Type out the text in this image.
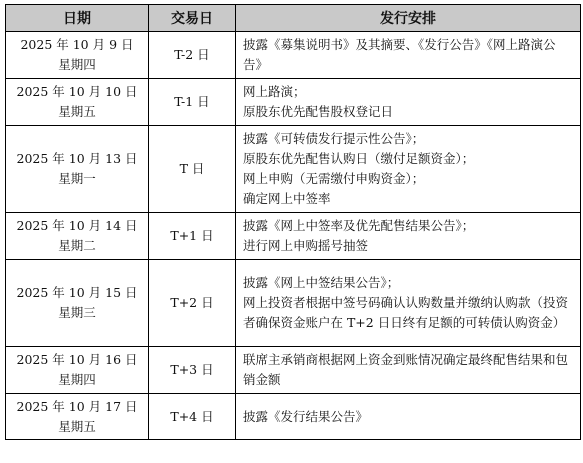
日期	交易日	发行安排

2025 年 10 月 9 日
星期四	T-2 日	披露《募集说明书》及其摘要、《发行公告》《网上路演公告》

2025 年 10 月 10 日
星期五	T-1 日	网上路演；
原股东优先配售股权登记日

2025 年 10 月 13 日
星期一	T 日	披露《可转债发行提示性公告》；
原股东优先配售认购日（缴付足额资金）；
网上申购（无需缴付申购资金）；
确定网上中签率

2025 年 10 月 14 日
星期二	T+1 日	披露《网上中签率及优先配售结果公告》；
进行网上申购摇号抽签

2025 年 10 月 15 日
星期三	T+2 日	披露《网上中签结果公告》；
网上投资者根据中签号码确认认购数量并缴纳认购款（投资者确保资金账户在 T+2 日日终有足额的可转债认购资金）

2025 年 10 月 16 日
星期四	T+3 日	联席主承销商根据网上资金到账情况确定最终配售结果和包销金额

2025 年 10 月 17 日
星期五	T+4 日	披露《发行结果公告》
